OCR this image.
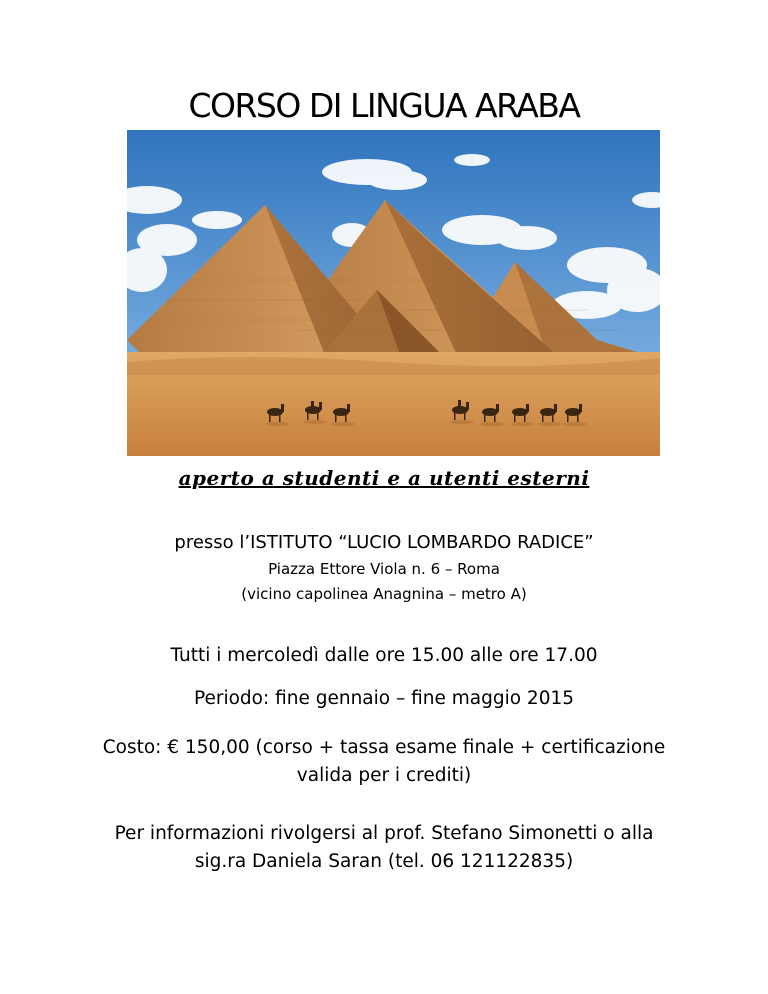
CORSO DI LINGUA ARABA
aperto a studenti e a utenti esterni
presso l’ISTITUTO “LUCIO LOMBARDO RADICE”
Piazza Ettore Viola n. 6 – Roma
(vicino capolinea Anagnina – metro A)
Tutti i mercoledì dalle ore 15.00 alle ore 17.00
Periodo: fine gennaio – fine maggio 2015
Costo: € 150,00 (corso + tassa esame finale + certificazione
valida per i crediti)
Per informazioni rivolgersi al prof. Stefano Simonetti o alla
sig.ra Daniela Saran (tel. 06 121122835)
